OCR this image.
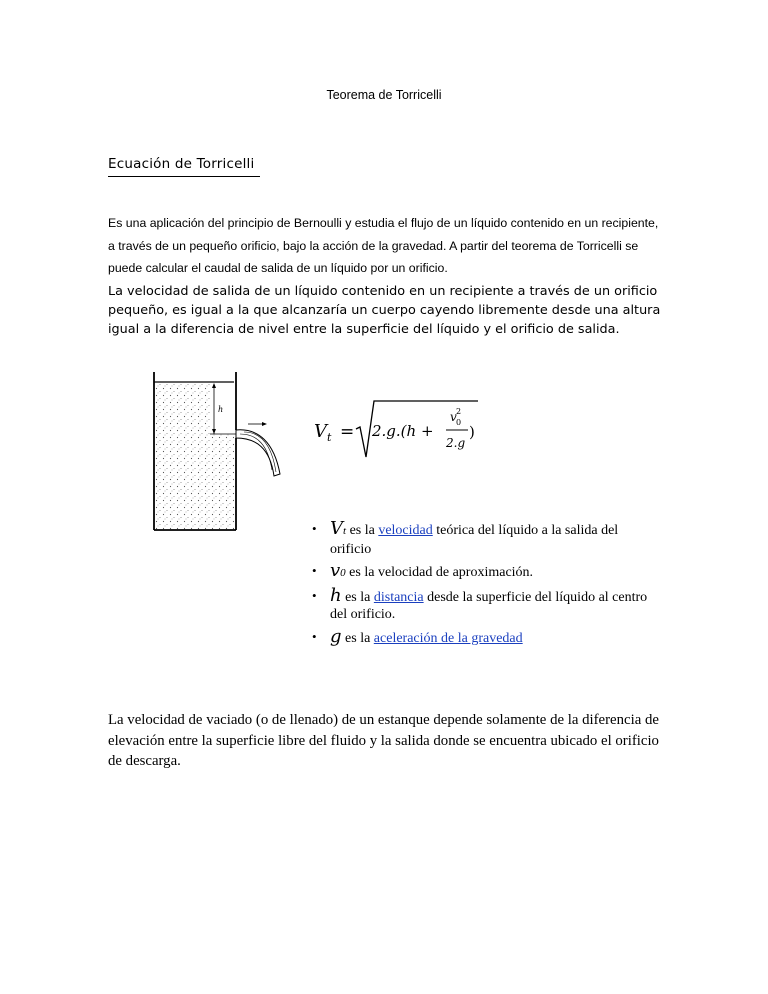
Teorema de Torricelli
Ecuación de Torricelli
Es una aplicación del principio de Bernoulli y estudia el flujo de un líquido contenido en un recipiente, a través de un pequeño orificio, bajo la acción de la gravedad. A partir del teorema de Torricelli se puede calcular el caudal de salida de un líquido por un orificio.
La velocidad de salida de un líquido contenido en un recipiente a través de un orificio pequeño, es igual a la que alcanzaría un cuerpo cayendo libremente desde una altura igual a la diferencia de nivel entre la superficie del líquido y el orificio de salida.
h
V t = 2.g.(h +
v 0
2
2.g
)
• Vt es la velocidad teórica del líquido a la salida del orificio
• v0 es la velocidad de aproximación.
• h es la distancia desde la superficie del líquido al centro del orificio.
• g es la aceleración de la gravedad
La velocidad de vaciado (o de llenado) de un estanque depende solamente de la diferencia de elevación entre la superficie libre del fluido y la salida donde se encuentra ubicado el orificio de descarga.
